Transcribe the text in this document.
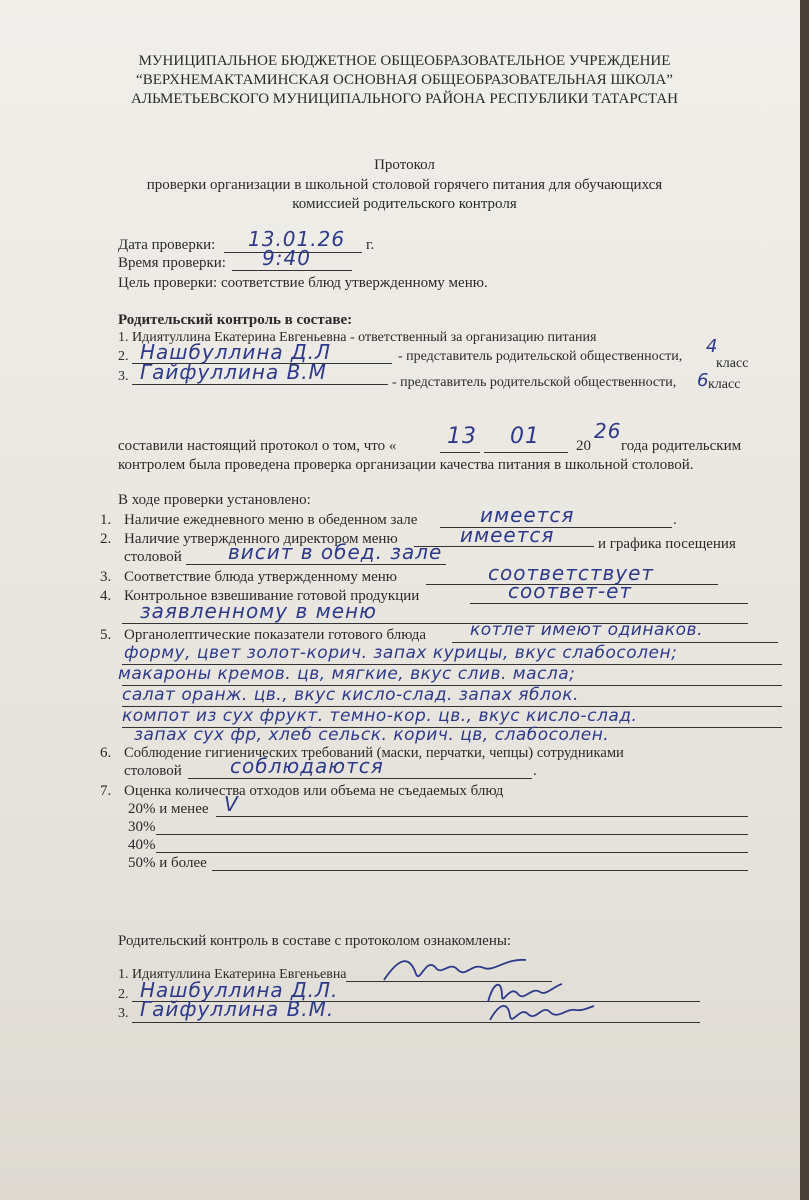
МУНИЦИПАЛЬНОЕ БЮДЖЕТНОЕ ОБЩЕОБРАЗОВАТЕЛЬНОЕ УЧРЕЖДЕНИЕ
“ВЕРХНЕМАКТАМИНСКАЯ ОСНОВНАЯ ОБЩЕОБРАЗОВАТЕЛЬНАЯ ШКОЛА”
АЛЬМЕТЬЕВСКОГО МУНИЦИПАЛЬНОГО РАЙОНА РЕСПУБЛИКИ ТАТАРСТАН
Протокол
проверки организации в школьной столовой горячего питания для обучающихся
комиссией родительского контроля
Дата проверки: 13.01.26 г.
Время проверки: 9:40
Цель проверки: соответствие блюд утвержденному меню.
Родительский контроль в составе:
1. Идиятуллина Екатерина Евгеньевна - ответственный за организацию питания
2. Нашбуллина Д.Л	- представитель родительской общественности, 4
класс
3. Гайфуллина В.М	- представитель родительской общественности, 6
класс
составили настоящий протокол о том, что « 13 01 20
26
года родительским
контролем была проведена проверка организации качества питания в школьной столовой.
В ходе проверки установлено:
1. Наличие ежедневного меню в обеденном зале	имеется	.
2. Наличие утвержденного директором меню	имеется	и графика посещения
столовой висит в обед. зале
3. Соответствие блюда утвержденному меню	соответствует
4. Контрольное взвешивание готовой продукции	соответ-ет
заявленному в меню
5. Органолептические показатели готового блюда	котлет имеют одинаков.
форму, цвет золот-корич. запах курицы, вкус слабосолен;
макароны кремов. цв, мягкие, вкус слив. масла;
салат оранж. цв., вкус кисло-слад. запах яблок.
компот из сух фрукт. темно-кор. цв., вкус кисло-слад.
запах сух фр, хлеб сельск. корич. цв, слабосолен.
6. Соблюдение гигиенических требований (маски, перчатки, чепцы) сотрудниками
столовой соблюдаются	.
7. Оценка количества отходов или объема не съедаемых блюд
20% и менее V
30%
40%
50% и более
Родительский контроль в составе с протоколом ознакомлены:
1. Идиятуллина Екатерина Евгеньевна
2. Нашбуллина Д.Л.
3. Гайфуллина В.М.
